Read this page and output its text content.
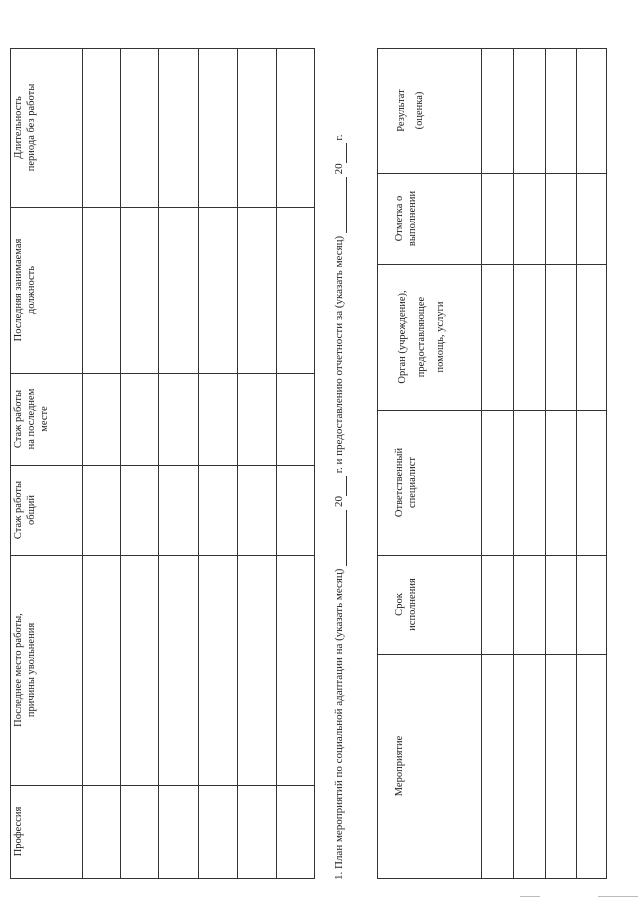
Профессия
Последнее место работы, причины увольнения
Стаж работы общий
Стаж работы на последнем месте
Последняя занимаемая должность
Длительность периода без работы
1. План мероприятий по социальной адаптации на (указать месяц)   20  г. и предоставлению отчетности за (указать месяц)   20  г.
Мероприятие
Срок исполнения
Ответственный специалист
Орган (учреждение), предоставляющее помощь, услуги
Отметка о выполнении
Результат (оценка)
